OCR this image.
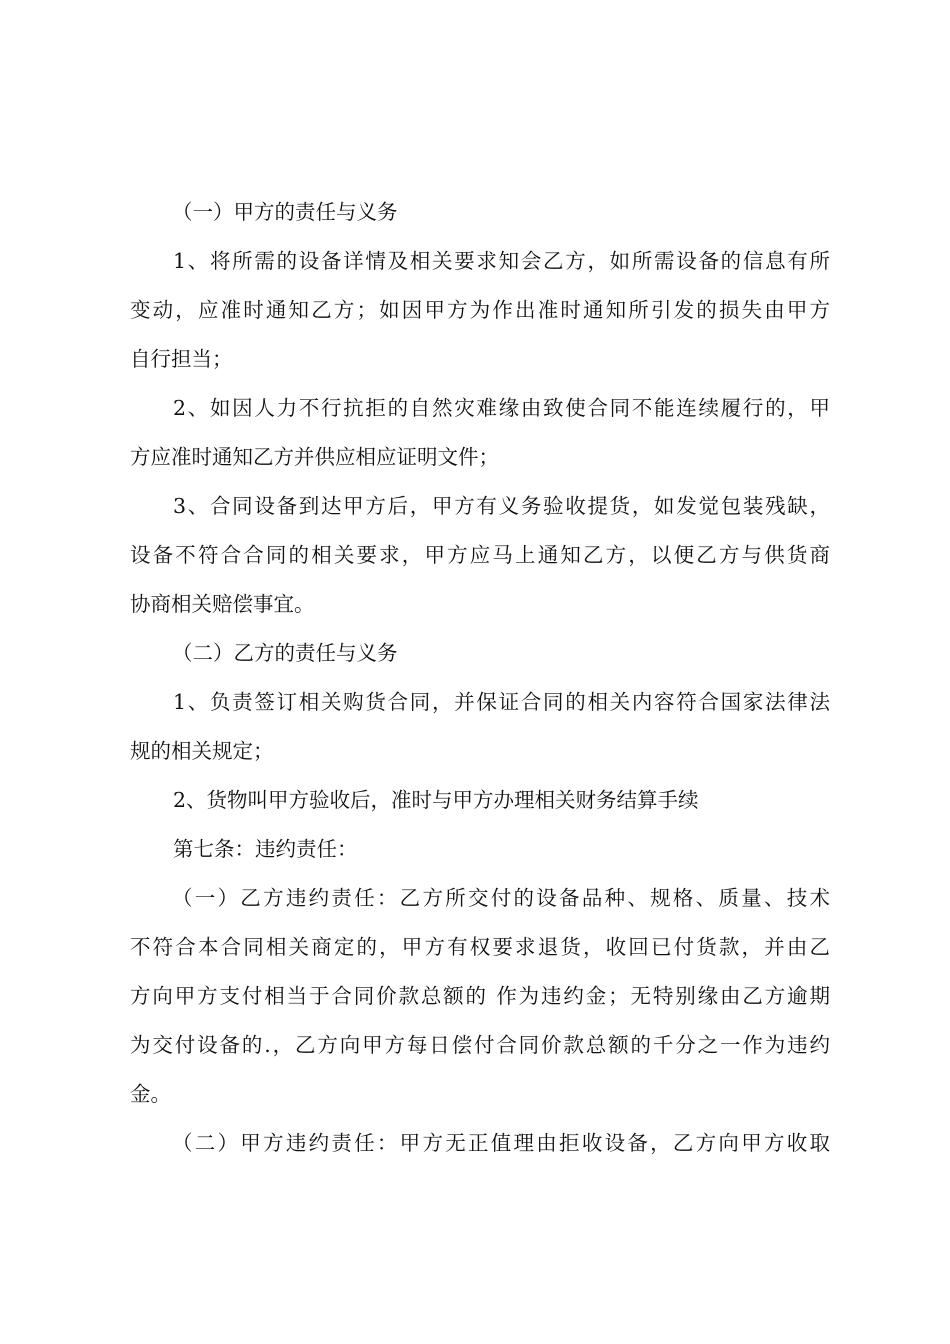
（一）甲方的责任与义务
1、将所需的设备详情及相关要求知会乙方，如所需设备的信息有所
变动，应准时通知乙方；如因甲方为作出准时通知所引发的损失由甲方
自行担当；
2、如因人力不行抗拒的自然灾难缘由致使合同不能连续履行的，甲
方应准时通知乙方并供应相应证明文件；
3、合同设备到达甲方后，甲方有义务验收提货，如发觉包装残缺，
设备不符合合同的相关要求，甲方应马上通知乙方，以便乙方与供货商
协商相关赔偿事宜。
（二）乙方的责任与义务
1、负责签订相关购货合同，并保证合同的相关内容符合国家法律法
规的相关规定；
2、货物叫甲方验收后，准时与甲方办理相关财务结算手续
第七条：违约责任：
（一）乙方违约责任：乙方所交付的设备品种、规格、质量、技术
不符合本合同相关商定的，甲方有权要求退货，收回已付货款，并由乙
方向甲方支付相当于合同价款总额的 作为违约金；无特别缘由乙方逾期
为交付设备的.，乙方向甲方每日偿付合同价款总额的千分之一作为违约
金。
（二）甲方违约责任：甲方无正值理由拒收设备，乙方向甲方收取
